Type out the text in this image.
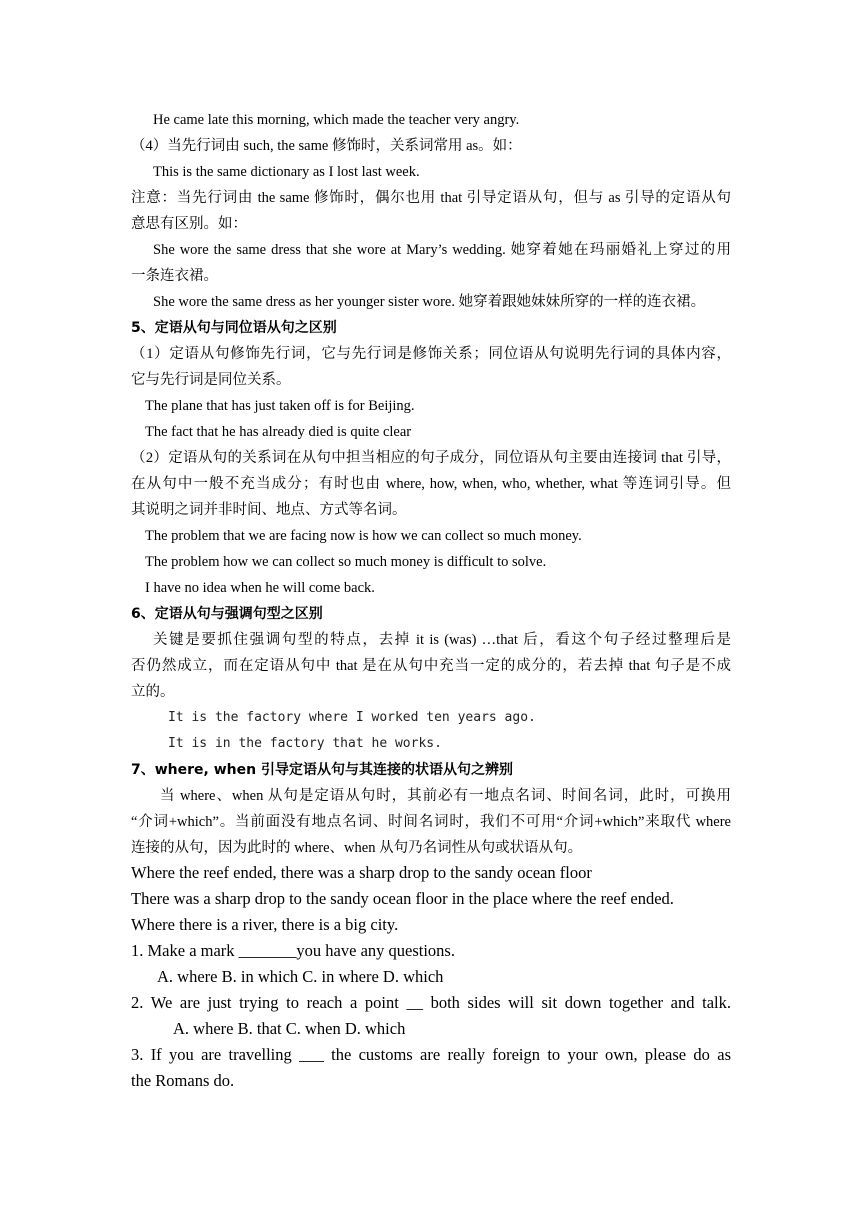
He came late this morning, which made the teacher very angry.
（4）当先行词由 such, the same 修饰时，关系词常用 as。如：
This is the same dictionary as I lost last week.
注意：当先行词由 the same 修饰时，偶尔也用 that 引导定语从句，但与 as 引导的定语从句
意思有区别。如：
She wore the same dress that she wore at Mary’s wedding. 她穿着她在玛丽婚礼上穿过的用
一条连衣裙。
She wore the same dress as her younger sister wore. 她穿着跟她妹妹所穿的一样的连衣裙。
5、定语从句与同位语从句之区别
（1）定语从句修饰先行词，它与先行词是修饰关系；同位语从句说明先行词的具体内容，
它与先行词是同位关系。
The plane that has just taken off is for Beijing.
The fact that he has already died is quite clear
（2）定语从句的关系词在从句中担当相应的句子成分，同位语从句主要由连接词 that 引导，
在从句中一般不充当成分；有时也由 where, how, when, who, whether, what 等连词引导。但
其说明之词并非时间、地点、方式等名词。
The problem that we are facing now is how we can collect so much money.
The problem how we can collect so much money is difficult to solve.
I have no idea when he will come back.
6、定语从句与强调句型之区别
关键是要抓住强调句型的特点，去掉 it is (was) …that 后，看这个句子经过整理后是
否仍然成立，而在定语从句中 that 是在从句中充当一定的成分的，若去掉 that 句子是不成
立的。
It is the factory where I worked ten years ago.
It is in the factory that he works.
7、where, when 引导定语从句与其连接的状语从句之辨别
当 where、when 从句是定语从句时，其前必有一地点名词、时间名词，此时，可换用
“介词+which”。当前面没有地点名词、时间名词时，我们不可用“介词+which”来取代 where
连接的从句，因为此时的 where、when 从句乃名词性从句或状语从句。
Where the reef ended, there was a sharp drop to the sandy ocean floor
There was a sharp drop to the sandy ocean floor in the place where the reef ended.
Where there is a river, there is a big city.
1. Make a mark _______you have any questions.
A. where B. in which C. in where D. which
2. We are just trying to reach a point __ both sides will sit down together and talk.
A. where B. that C. when D. which
3. If you are travelling ___ the customs are really foreign to your own, please do as
the Romans do.
